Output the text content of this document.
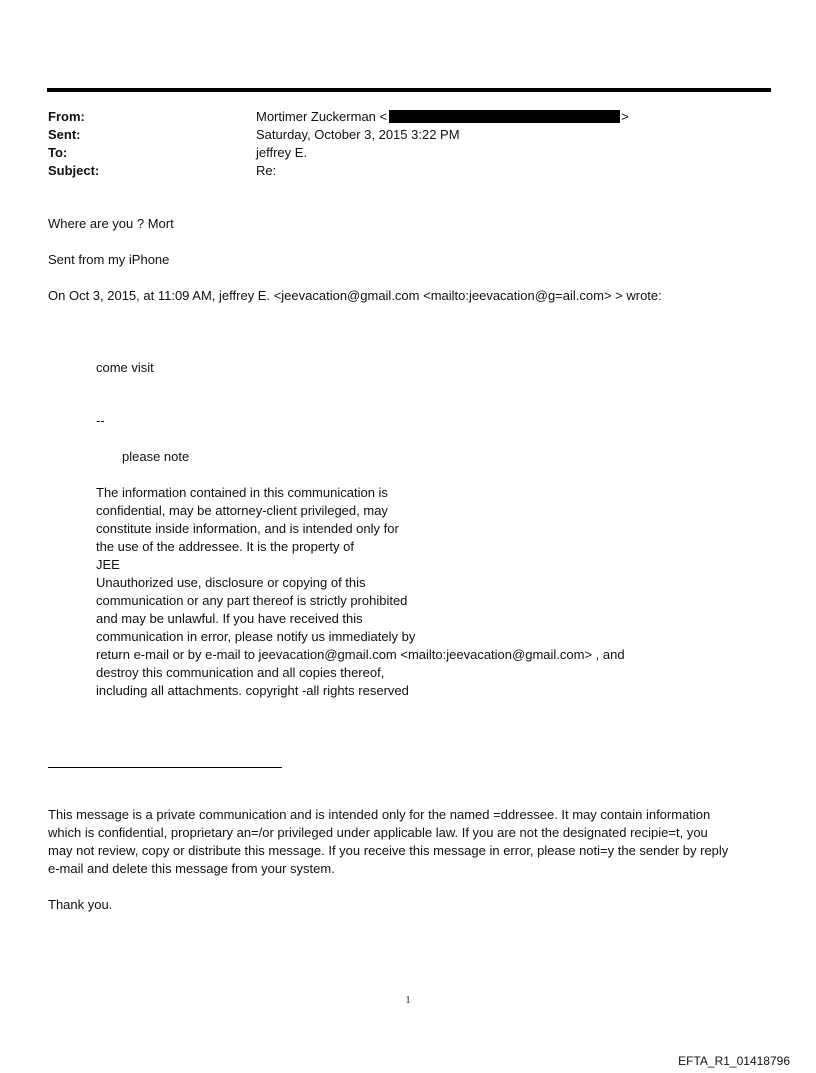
From:	Mortimer Zuckerman <	>
Sent:	Saturday, October 3, 2015 3:22 PM
To:	jeffrey E.
Subject:	Re:
Where are you ? Mort
Sent from my iPhone
On Oct 3, 2015, at 11:09 AM, jeffrey E. <jeevacation@gmail.com <mailto:jeevacation@g=ail.com> > wrote:
come visit
--
please note
The information contained in this communication is
confidential, may be attorney-client privileged, may
constitute inside information, and is intended only for
the use of the addressee. It is the property of
JEE
Unauthorized use, disclosure or copying of this
communication or any part thereof is strictly prohibited
and may be unlawful. If you have received this
communication in error, please notify us immediately by
return e-mail or by e-mail to jeevacation@gmail.com <mailto:jeevacation@gmail.com> , and
destroy this communication and all copies thereof,
including all attachments. copyright -all rights reserved
This message is a private communication and is intended only for the named =ddressee. It may contain information
which is confidential, proprietary an=/or privileged under applicable law. If you are not the designated recipie=t, you
may not review, copy or distribute this message. If you receive this message in error, please noti=y the sender by reply
e-mail and delete this message from your system.
Thank you.
1
EFTA_R1_01418796
